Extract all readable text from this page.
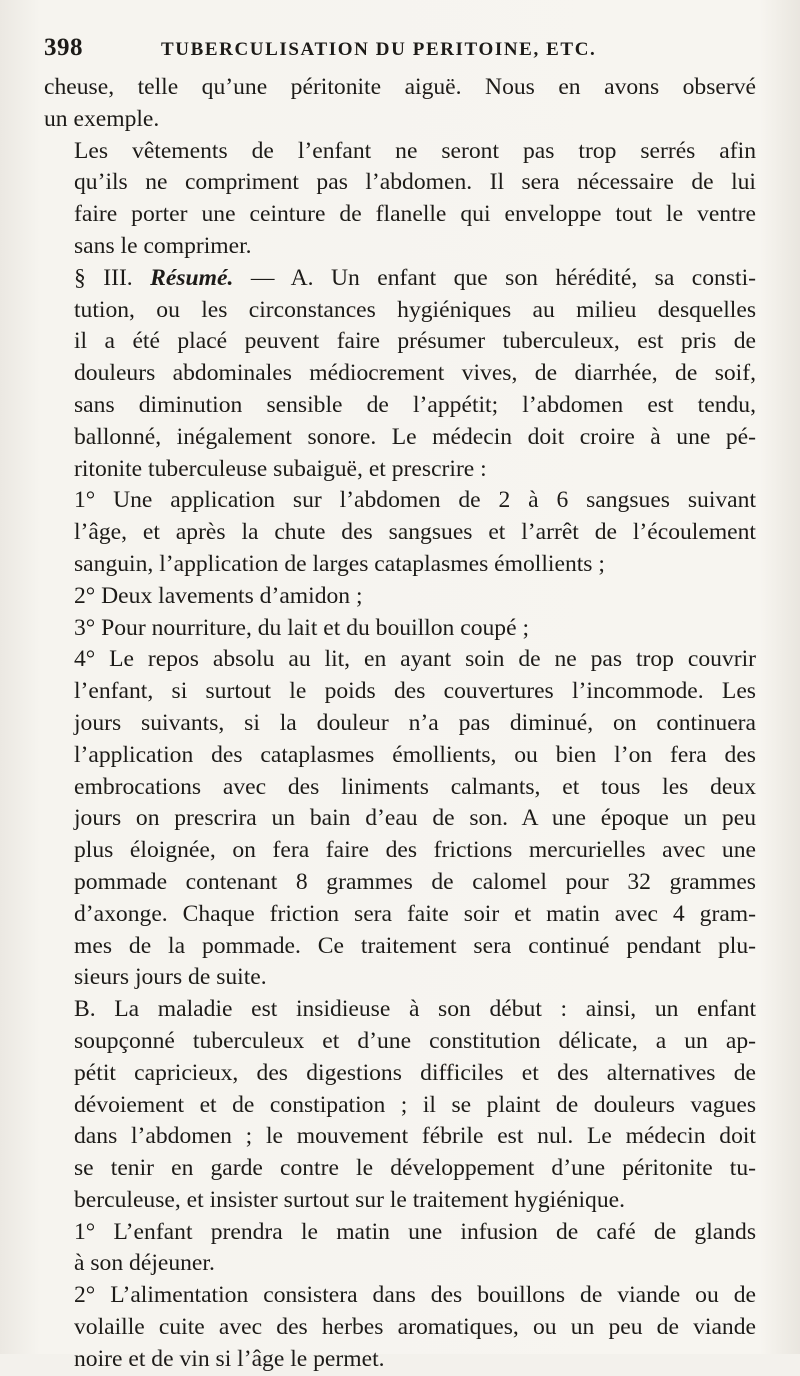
398	TUBERCULISATION DU PERITOINE, ETC.

cheuse, telle qu’une péritonite aiguë. Nous en avons observé
un exemple.

Les vêtements de l’enfant ne seront pas trop serrés afin
qu’ils ne compriment pas l’abdomen. Il sera nécessaire de lui
faire porter une ceinture de flanelle qui enveloppe tout le ventre
sans le comprimer.

§ III. Résumé. — A. Un enfant que son hérédité, sa consti-
tution, ou les circonstances hygiéniques au milieu desquelles
il a été placé peuvent faire présumer tuberculeux, est pris de
douleurs abdominales médiocrement vives, de diarrhée, de soif,
sans diminution sensible de l’appétit; l’abdomen est tendu,
ballonné, inégalement sonore. Le médecin doit croire à une pé-
ritonite tuberculeuse subaiguë, et prescrire :

1° Une application sur l’abdomen de 2 à 6 sangsues suivant
l’âge, et après la chute des sangsues et l’arrêt de l’écoulement
sanguin, l’application de larges cataplasmes émollients ;

2° Deux lavements d’amidon ;

3° Pour nourriture, du lait et du bouillon coupé ;

4° Le repos absolu au lit, en ayant soin de ne pas trop couvrir
l’enfant, si surtout le poids des couvertures l’incommode. Les
jours suivants, si la douleur n’a pas diminué, on continuera
l’application des cataplasmes émollients, ou bien l’on fera des
embrocations avec des liniments calmants, et tous les deux
jours on prescrira un bain d’eau de son. A une époque un peu
plus éloignée, on fera faire des frictions mercurielles avec une
pommade contenant 8 grammes de calomel pour 32 grammes
d’axonge. Chaque friction sera faite soir et matin avec 4 gram-
mes de la pommade. Ce traitement sera continué pendant plu-
sieurs jours de suite.

B. La maladie est insidieuse à son début : ainsi, un enfant
soupçonné tuberculeux et d’une constitution délicate, a un ap-
pétit capricieux, des digestions difficiles et des alternatives de
dévoiement et de constipation ; il se plaint de douleurs vagues
dans l’abdomen ; le mouvement fébrile est nul. Le médecin doit
se tenir en garde contre le développement d’une péritonite tu-
berculeuse, et insister surtout sur le traitement hygiénique.

1° L’enfant prendra le matin une infusion de café de glands
à son déjeuner.

2° L’alimentation consistera dans des bouillons de viande ou de
volaille cuite avec des herbes aromatiques, ou un peu de viande
noire et de vin si l’âge le permet.
